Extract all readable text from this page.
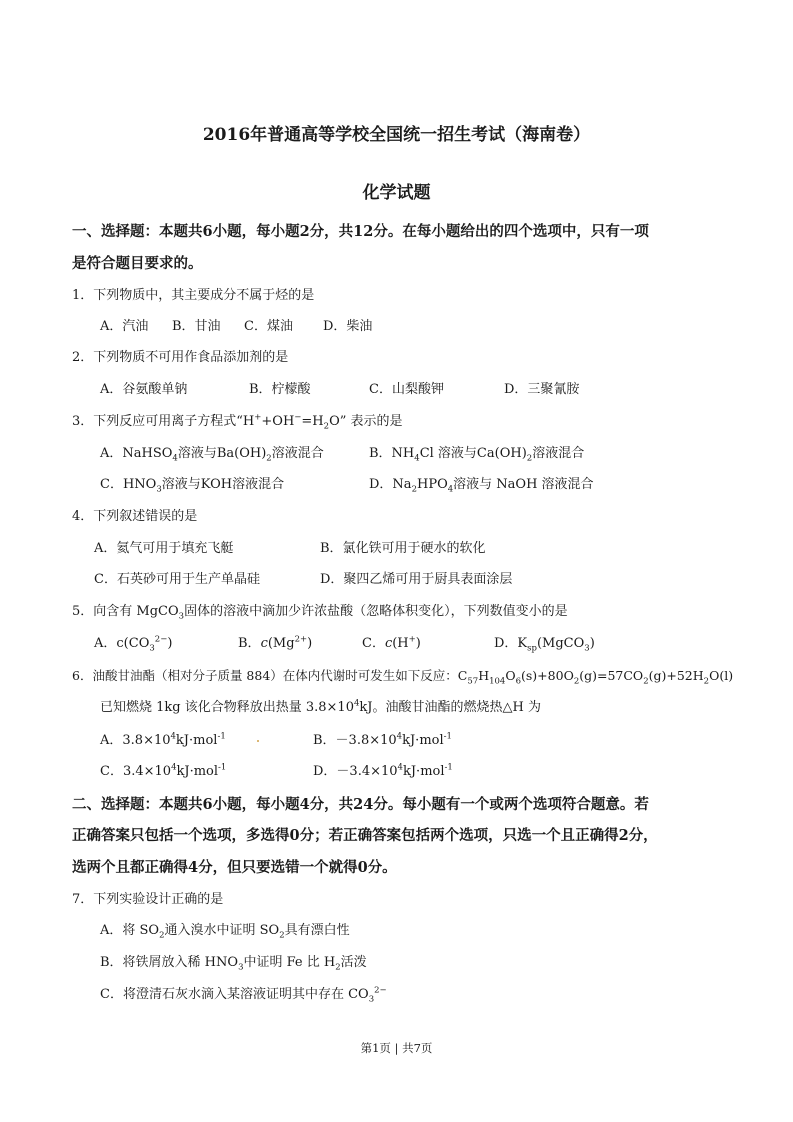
2016年普通高等学校全国统一招生考试（海南卷）
化学试题
一、选择题：本题共6小题，每小题2分，共12分。在每小题给出的四个选项中，只有一项
是符合题目要求的。
1．下列物质中，其主要成分不属于烃的是
A．汽油 B．甘油 C．煤油 D．柴油
2．下列物质不可用作食品添加剂的是
A．谷氨酸单钠	B．柠檬酸	C．山梨酸钾	D．三聚氰胺
3．下列反应可用离子方程式“$H^++OH^-=H_2O$” 表示的是
A．NaHSO$_4$溶液与$Ba(OH)_2$溶液混合	B．$NH_4Cl$ 溶液与$Ca(OH)_2$溶液混合
C．$HNO_3$溶液与KOH溶液混合	D．$Na_2HPO_4$溶液与 NaOH 溶液混合
4．下列叙述错误的是
A．氦气可用于填充飞艇	B．氯化铁可用于硬水的软化
C．石英砂可用于生产单晶硅	D．聚四乙烯可用于厨具表面涂层
5．向含有 MgCO$_3$固体的溶液中滴加少许浓盐酸（忽略体积变化），下列数值变小的是
A．$c(CO_3^{2-})$	B．$c(Mg^{2+})$	C．c(H+)	D．$K_{sp}(MgCO_3)$
6．油酸甘油酯（相对分子质量 884）在体内代谢时可发生如下反应：$C_{57}H_{104}O_6(s)+80O_2(g)=57CO_2(g)+52H_2O(l)$
已知燃烧 1kg 该化合物释放出热量 $3.8\times 10^4kJ$。油酸甘油酯的燃烧热△H 为
A．$3.8\times 10^4kJ\cdot mol^{-1}$	B．$-3.8\times 10^4kJ\cdot mol^{-1}$
C．$3.4\times 10^4kJ\cdot mol^{-1}$	D．$-3.4\times 10^4kJ\cdot mol^{-1}$
二、选择题：本题共6小题，每小题4分，共24分。每小题有一个或两个选项符合题意。若
正确答案只包括一个选项，多选得0分；若正确答案包括两个选项，只选一个且正确得2分，
选两个且都正确得4分，但只要选错一个就得0分。
7．下列实验设计正确的是
A．将 $SO_2$通入溴水中证明 $SO_2$具有漂白性
B．将铁屑放入稀 $HNO_3$中证明 Fe 比 $H_2$活泼
C．将澄清石灰水滴入某溶液证明其中存在 $CO_3^{2-}$
第1页 | 共7页
